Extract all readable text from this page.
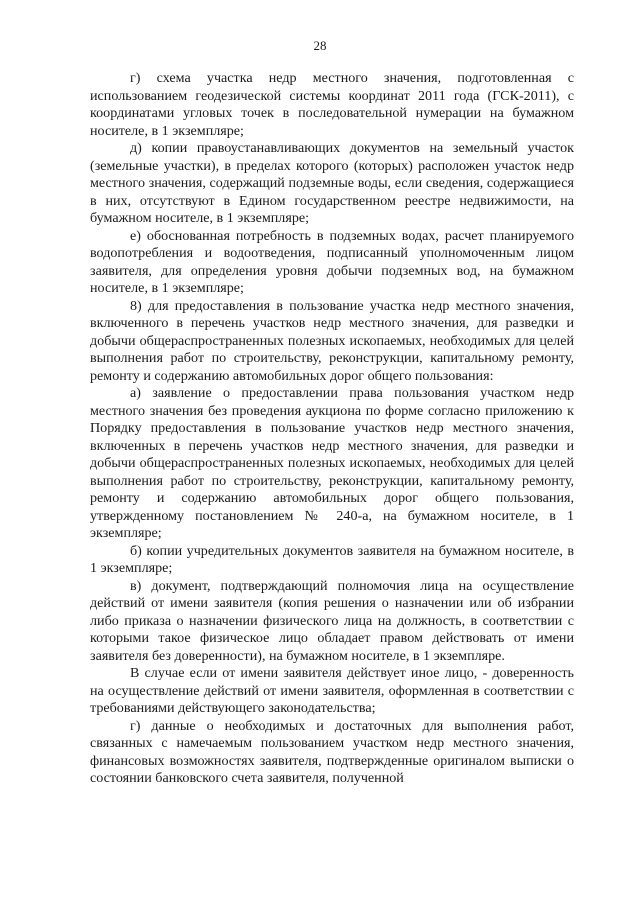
28

г) схема участка недр местного значения, подготовленная с использованием геодезической системы координат 2011 года (ГСК-2011), с координатами угловых точек в последовательной нумерации на бумажном носителе, в 1 экземпляре;

д) копии правоустанавливающих документов на земельный участок (земельные участки), в пределах которого (которых) расположен участок недр местного значения, содержащий подземные воды, если сведения, содержащиеся в них, отсутствуют в Едином государственном реестре недвижимости, на бумажном носителе, в 1 экземпляре;

е) обоснованная потребность в подземных водах, расчет планируемого водопотребления и водоотведения, подписанный уполномоченным лицом заявителя, для определения уровня добычи подземных вод, на бумажном носителе, в 1 экземпляре;

8) для предоставления в пользование участка недр местного значения, включенного в перечень участков недр местного значения, для разведки и добычи общераспространенных полезных ископаемых, необходимых для целей выполнения работ по строительству, реконструкции, капитальному ремонту, ремонту и содержанию автомобильных дорог общего пользования:

а) заявление о предоставлении права пользования участком недр местного значения без проведения аукциона по форме согласно приложению к Порядку предоставления в пользование участков недр местного значения, включенных в перечень участков недр местного значения, для разведки и добычи общераспространенных полезных ископаемых, необходимых для целей выполнения работ по строительству, реконструкции, капитальному ремонту, ремонту и содержанию автомобильных дорог общего пользования, утвержденному постановлением № 240-а, на бумажном носителе, в 1 экземпляре;

б) копии учредительных документов заявителя на бумажном носителе, в 1 экземпляре;

в) документ, подтверждающий полномочия лица на осуществление действий от имени заявителя (копия решения о назначении или об избрании либо приказа о назначении физического лица на должность, в соответствии с которыми такое физическое лицо обладает правом действовать от имени заявителя без доверенности), на бумажном носителе, в 1 экземпляре.

В случае если от имени заявителя действует иное лицо, - доверенность на осуществление действий от имени заявителя, оформленная в соответствии с требованиями действующего законодательства;

г) данные о необходимых и достаточных для выполнения работ, связанных с намечаемым пользованием участком недр местного значения, финансовых возможностях заявителя, подтвержденные оригиналом выписки о состоянии банковского счета заявителя, полученной
